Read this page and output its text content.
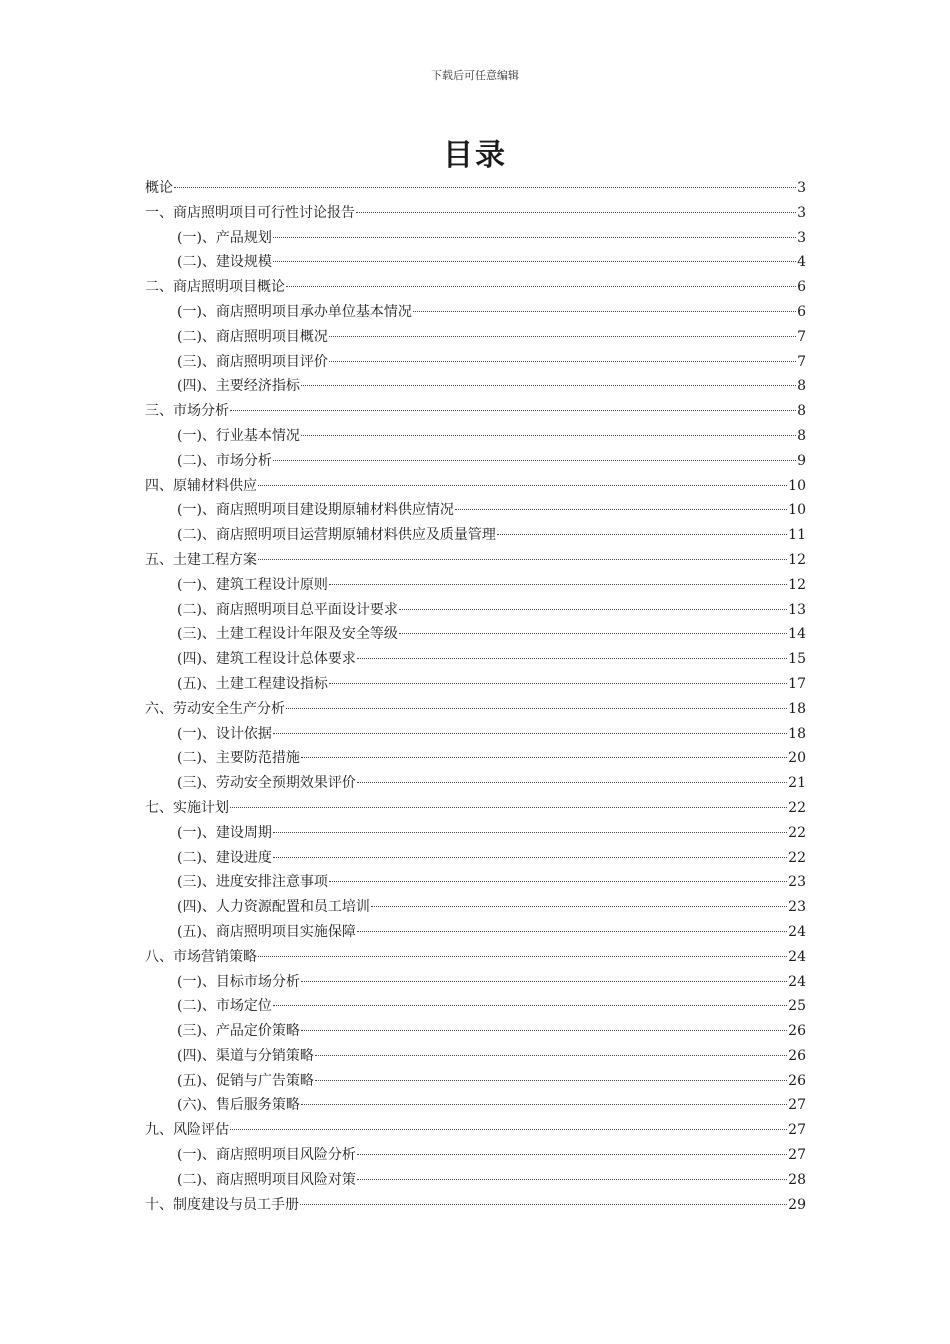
下载后可任意编辑
目录
概论	3
一、商店照明项目可行性讨论报告	3
(一)、产品规划	3
(二)、建设规模	4
二、商店照明项目概论	6
(一)、商店照明项目承办单位基本情况	6
(二)、商店照明项目概况	7
(三)、商店照明项目评价	7
(四)、主要经济指标	8
三、市场分析	8
(一)、行业基本情况	8
(二)、市场分析	9
四、原辅材料供应	10
(一)、商店照明项目建设期原辅材料供应情况	10
(二)、商店照明项目运营期原辅材料供应及质量管理	11
五、土建工程方案	12
(一)、建筑工程设计原则	12
(二)、商店照明项目总平面设计要求	13
(三)、土建工程设计年限及安全等级	14
(四)、建筑工程设计总体要求	15
(五)、土建工程建设指标	17
六、劳动安全生产分析	18
(一)、设计依据	18
(二)、主要防范措施	20
(三)、劳动安全预期效果评价	21
七、实施计划	22
(一)、建设周期	22
(二)、建设进度	22
(三)、进度安排注意事项	23
(四)、人力资源配置和员工培训	23
(五)、商店照明项目实施保障	24
八、市场营销策略	24
(一)、目标市场分析	24
(二)、市场定位	25
(三)、产品定价策略	26
(四)、渠道与分销策略	26
(五)、促销与广告策略	26
(六)、售后服务策略	27
九、风险评估	27
(一)、商店照明项目风险分析	27
(二)、商店照明项目风险对策	28
十、制度建设与员工手册	29
